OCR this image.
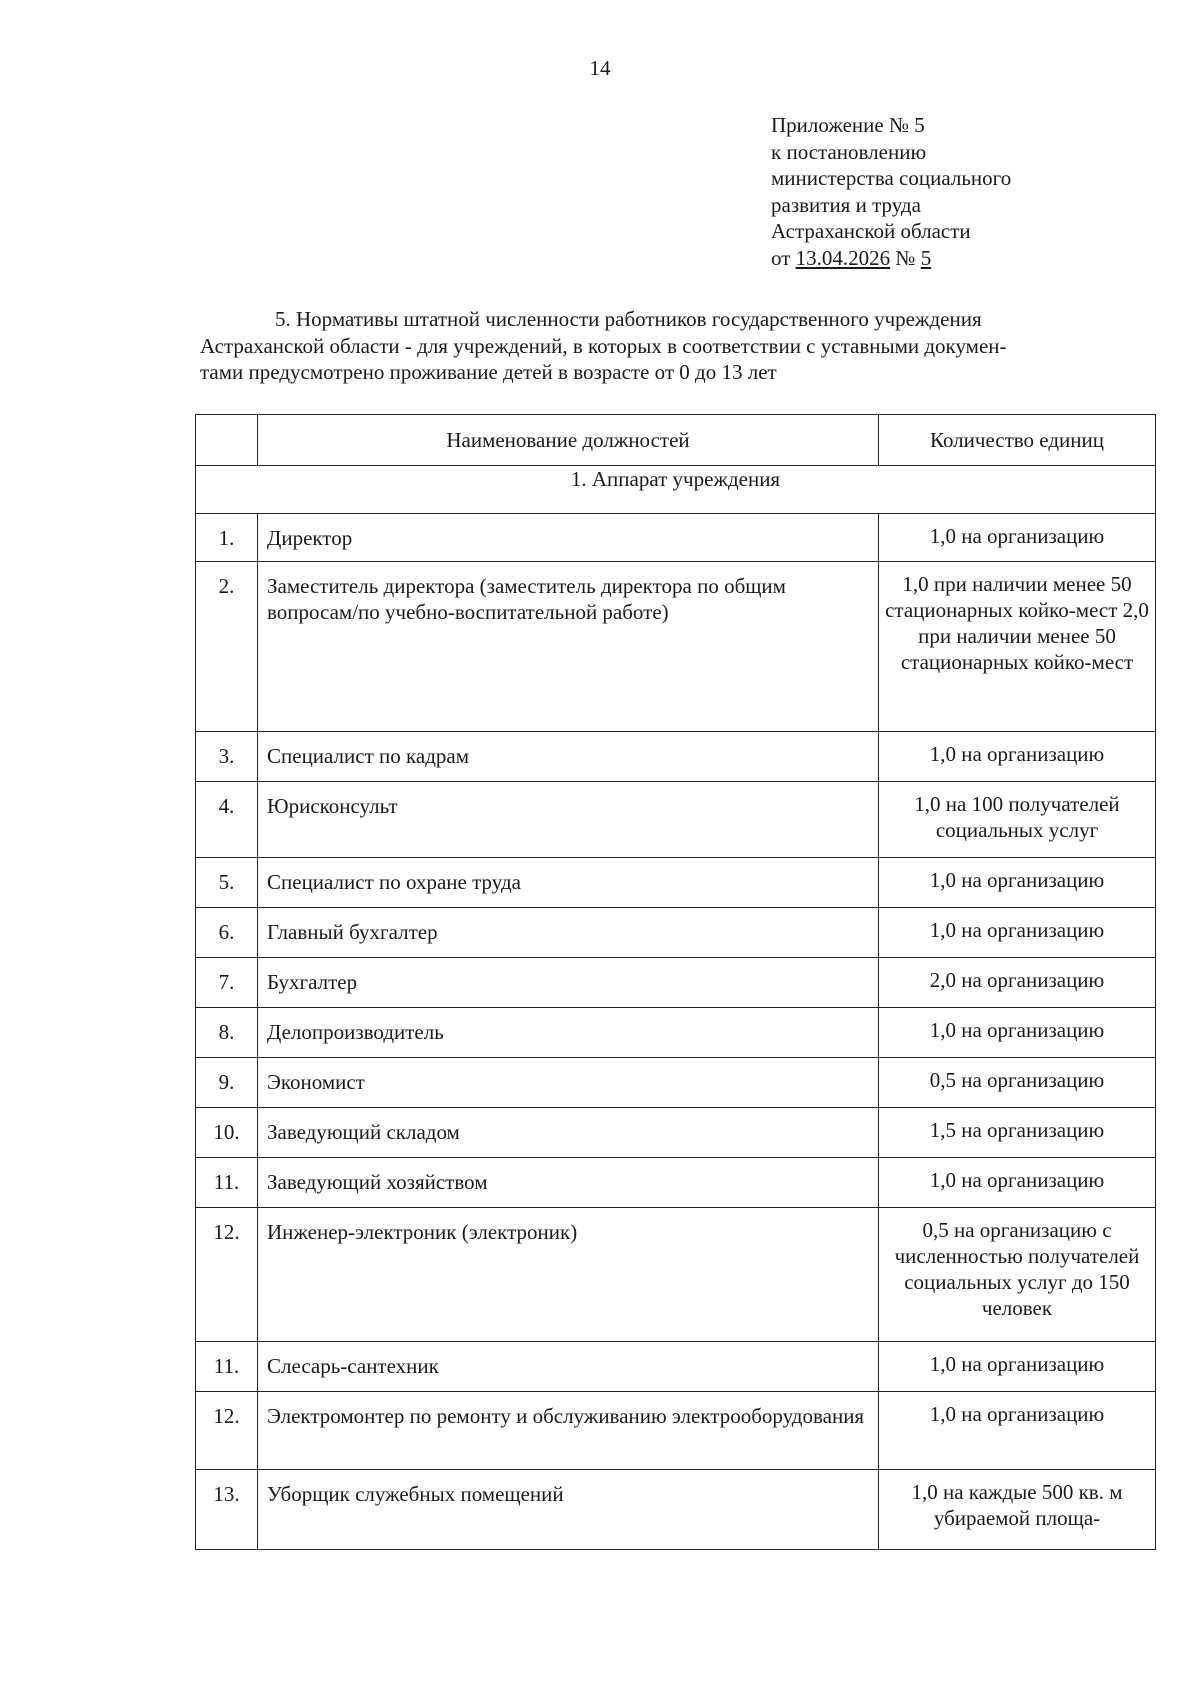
14
Приложение № 5
к постановлению
министерства социального
развития и труда
Астраханской области
от 13.04.2026 № 5
5. Нормативы штатной численности работников государственного учреждения
Астраханской области - для учреждений, в которых в соответствии с уставными докумен-
тами предусмотрено проживание детей в возрасте от 0 до 13 лет
	Наименование должностей	Количество единиц
1. Аппарат учреждения		
1.	Директор	1,0 на организацию
2.	Заместитель директора (заместитель директора по общим вопросам/по учебно-воспитательной работе)	1,0 при наличии менее 50 стационарных койко-мест 2,0 при наличии менее 50 стационарных койко-мест
3.	Специалист по кадрам	1,0 на организацию
4.	Юрисконсульт	1,0 на 100 получателей социальных услуг
5.	Специалист по охране труда	1,0 на организацию
6.	Главный бухгалтер	1,0 на организацию
7.	Бухгалтер	2,0 на организацию
8.	Делопроизводитель	1,0 на организацию
9.	Экономист	0,5 на организацию
10.	Заведующий складом	1,5 на организацию
11.	Заведующий хозяйством	1,0 на организацию
12.	Инженер-электроник (электроник)	0,5 на организацию с численностью получателей социальных услуг до 150 человек
11.	Слесарь-сантехник	1,0 на организацию
12.	Электромонтер по ремонту и обслуживанию электрооборудования	1,0 на организацию
13.	Уборщик служебных помещений	1,0 на каждые 500 кв. м убираемой площа-
